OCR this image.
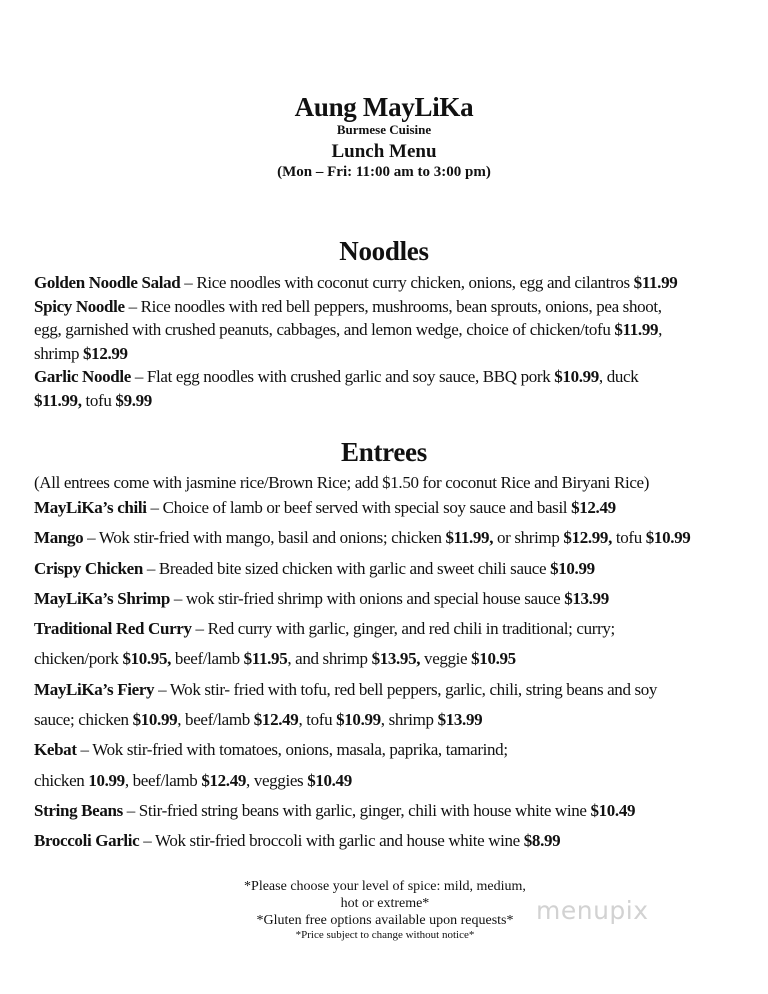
Aung MayLiKa
Burmese Cuisine
Lunch Menu
(Mon – Fri: 11:00 am to 3:00 pm)
Noodles
Golden Noodle Salad – Rice noodles with coconut curry chicken, onions, egg and cilantros $11.99
Spicy Noodle – Rice noodles with red bell peppers, mushrooms, bean sprouts, onions, pea shoot,
egg, garnished with crushed peanuts, cabbages, and lemon wedge, choice of chicken/tofu $11.99,
shrimp $12.99
Garlic Noodle – Flat egg noodles with crushed garlic and soy sauce, BBQ pork $10.99, duck
$11.99, tofu $9.99
Entrees
(All entrees come with jasmine rice/Brown Rice; add $1.50 for coconut Rice and Biryani Rice)
MayLiKa’s chili – Choice of lamb or beef served with special soy sauce and basil $12.49
Mango – Wok stir-fried with mango, basil and onions; chicken $11.99, or shrimp $12.99, tofu $10.99
Crispy Chicken – Breaded bite sized chicken with garlic and sweet chili sauce $10.99
MayLiKa’s Shrimp – wok stir-fried shrimp with onions and special house sauce $13.99
Traditional Red Curry – Red curry with garlic, ginger, and red chili in traditional; curry;
chicken/pork $10.95, beef/lamb $11.95, and shrimp $13.95, veggie $10.95
MayLiKa’s Fiery – Wok stir- fried with tofu, red bell peppers, garlic, chili, string beans and soy
sauce; chicken $10.99, beef/lamb $12.49, tofu $10.99, shrimp $13.99
Kebat – Wok stir-fried with tomatoes, onions, masala, paprika, tamarind;
chicken 10.99, beef/lamb $12.49, veggies $10.49
String Beans – Stir-fried string beans with garlic, ginger, chili with house white wine $10.49
Broccoli Garlic – Wok stir-fried broccoli with garlic and house white wine $8.99
*Please choose your level of spice: mild, medium,
hot or extreme*
*Gluten free options available upon requests*
*Price subject to change without notice*
menupix
